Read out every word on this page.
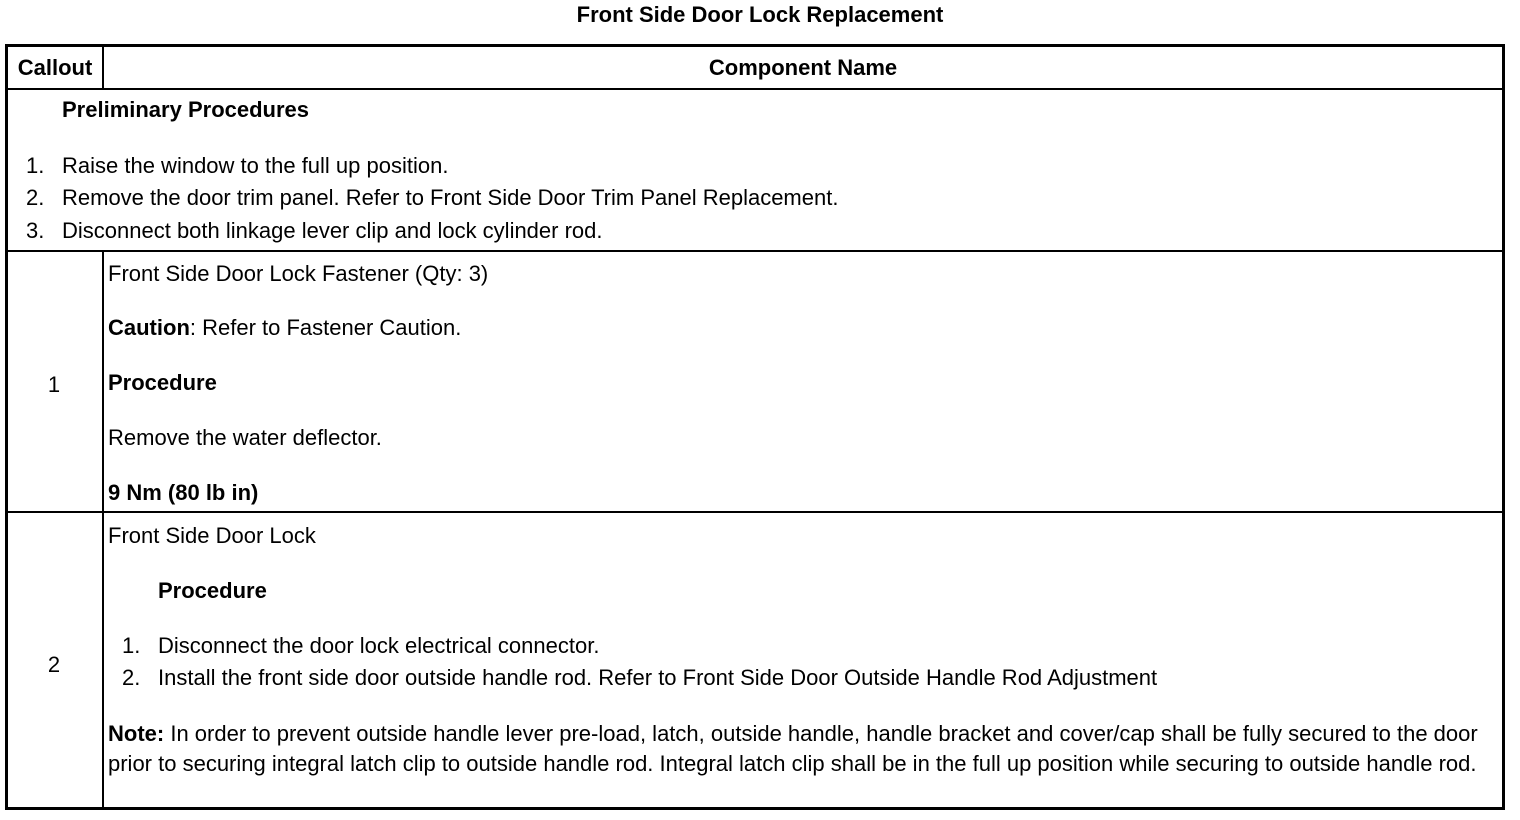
Front Side Door Lock Replacement
Callout	Component Name
Preliminary Procedures
1. Raise the window to the full up position.
2. Remove the door trim panel. Refer to Front Side Door Trim Panel Replacement.
3. Disconnect both linkage lever clip and lock cylinder rod.
1
Front Side Door Lock Fastener (Qty: 3)
Caution: Refer to Fastener Caution.
Procedure
Remove the water deflector.
9 Nm (80 lb in)
2
Front Side Door Lock
Procedure
1. Disconnect the door lock electrical connector.
2. Install the front side door outside handle rod. Refer to Front Side Door Outside Handle Rod Adjustment
Note: In order to prevent outside handle lever pre-load, latch, outside handle, handle bracket and cover/cap shall be fully secured to the door prior to securing integral latch clip to outside handle rod. Integral latch clip shall be in the full up position while securing to outside handle rod.
